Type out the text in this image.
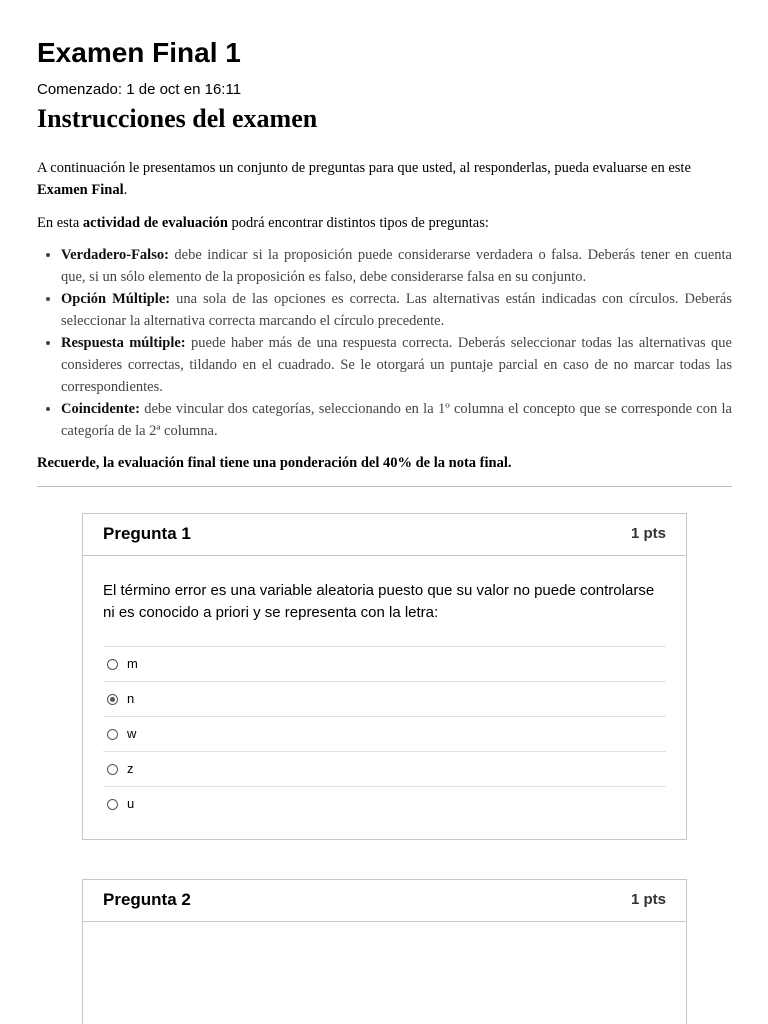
Examen Final 1
Comenzado: 1 de oct en 16:11
Instrucciones del examen

A continuación le presentamos un conjunto de preguntas para que usted, al responderlas, pueda evaluarse en este Examen Final.

En esta actividad de evaluación podrá encontrar distintos tipos de preguntas:

• Verdadero-Falso: debe indicar si la proposición puede considerarse verdadera o falsa. Deberás tener en cuenta que, si un sólo elemento de la proposición es falso, debe considerarse falsa en su conjunto.
• Opción Múltiple: una sola de las opciones es correcta. Las alternativas están indicadas con círculos. Deberás seleccionar la alternativa correcta marcando el círculo precedente.
• Respuesta múltiple: puede haber más de una respuesta correcta. Deberás seleccionar todas las alternativas que consideres correctas, tildando en el cuadrado. Se le otorgará un puntaje parcial en caso de no marcar todas las correspondientes.
• Coincidente: debe vincular dos categorías, seleccionando en la 1º columna el concepto que se corresponde con la categoría de la 2ª columna.

Recuerde, la evaluación final tiene una ponderación del 40% de la nota final.

Pregunta 1	1 pts
El término error es una variable aleatoria puesto que su valor no puede controlarse ni es conocido a priori y se representa con la letra:
m
n
w
z
u
Pregunta 2	1 pts
